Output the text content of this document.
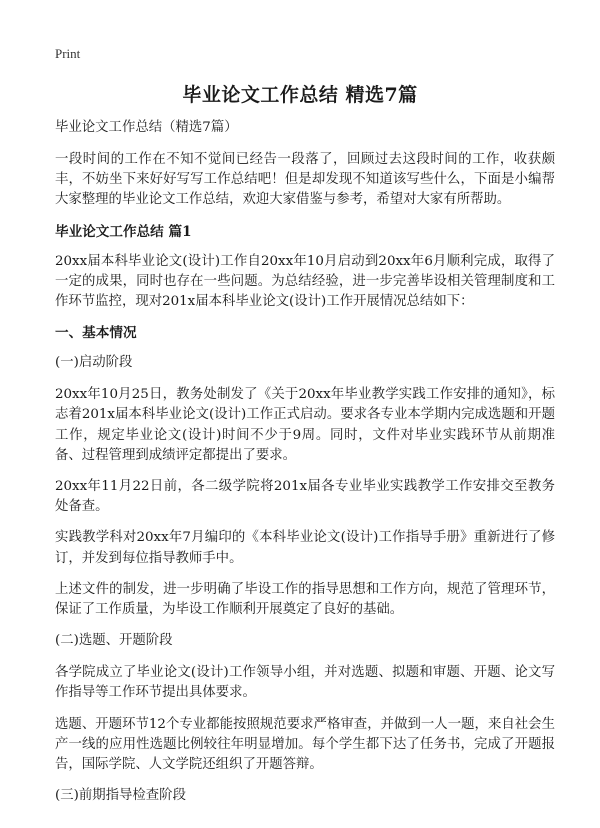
Print
毕业论文工作总结 精选7篇

毕业论文工作总结（精选7篇）

一段时间的工作在不知不觉间已经告一段落了，回顾过去这段时间的工作，收获颇丰，不妨坐下来好好写写工作总结吧！但是却发现不知道该写些什么，下面是小编帮大家整理的毕业论文工作总结，欢迎大家借鉴与参考，希望对大家有所帮助。

毕业论文工作总结 篇1

20xx届本科毕业论文(设计)工作自20xx年10月启动到20xx年6月顺利完成，取得了一定的成果，同时也存在一些问题。为总结经验，进一步完善毕设相关管理制度和工作环节监控，现对201x届本科毕业论文(设计)工作开展情况总结如下：

一、基本情况

(一)启动阶段

20xx年10月25日，教务处制发了《关于20xx年毕业教学实践工作安排的通知》，标志着201x届本科毕业论文(设计)工作正式启动。要求各专业本学期内完成选题和开题工作，规定毕业论文(设计)时间不少于9周。同时，文件对毕业实践环节从前期准备、过程管理到成绩评定都提出了要求。

20xx年11月22日前，各二级学院将201x届各专业毕业实践教学工作安排交至教务处备查。

实践教学科对20xx年7月编印的《本科毕业论文(设计)工作指导手册》重新进行了修订，并发到每位指导教师手中。

上述文件的制发，进一步明确了毕设工作的指导思想和工作方向，规范了管理环节，保证了工作质量，为毕设工作顺利开展奠定了良好的基础。

(二)选题、开题阶段

各学院成立了毕业论文(设计)工作领导小组，并对选题、拟题和审题、开题、论文写作指导等工作环节提出具体要求。

选题、开题环节12个专业都能按照规范要求严格审查，并做到一人一题，来自社会生产一线的应用性选题比例较往年明显增加。每个学生都下达了任务书，完成了开题报告，国际学院、人文学院还组织了开题答辩。

(三)前期指导检查阶段
